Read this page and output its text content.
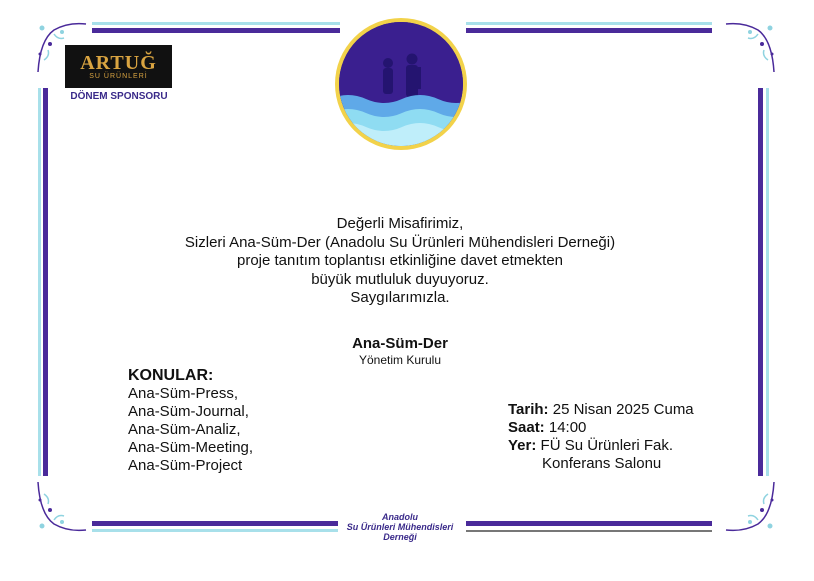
ARTUĞ
SU ÜRÜNLERİ
DÖNEM SPONSORU
Değerli Misafirimiz,
Sizleri Ana-Süm-Der (Anadolu Su Ürünleri Mühendisleri Derneği)
proje tanıtım toplantısı etkinliğine davet etmekten
büyük mutluluk duyuyoruz.
Saygılarımızla.
Ana-Süm-Der
Yönetim Kurulu
KONULAR:
Ana-Süm-Press,
Ana-Süm-Journal,
Ana-Süm-Analiz,
Ana-Süm-Meeting,
Ana-Süm-Project
Tarih: 25 Nisan 2025 Cuma
Saat: 14:00
Yer: FÜ Su Ürünleri Fak.
Konferans Salonu
Anadolu
Su Ürünleri Mühendisleri
Derneği
